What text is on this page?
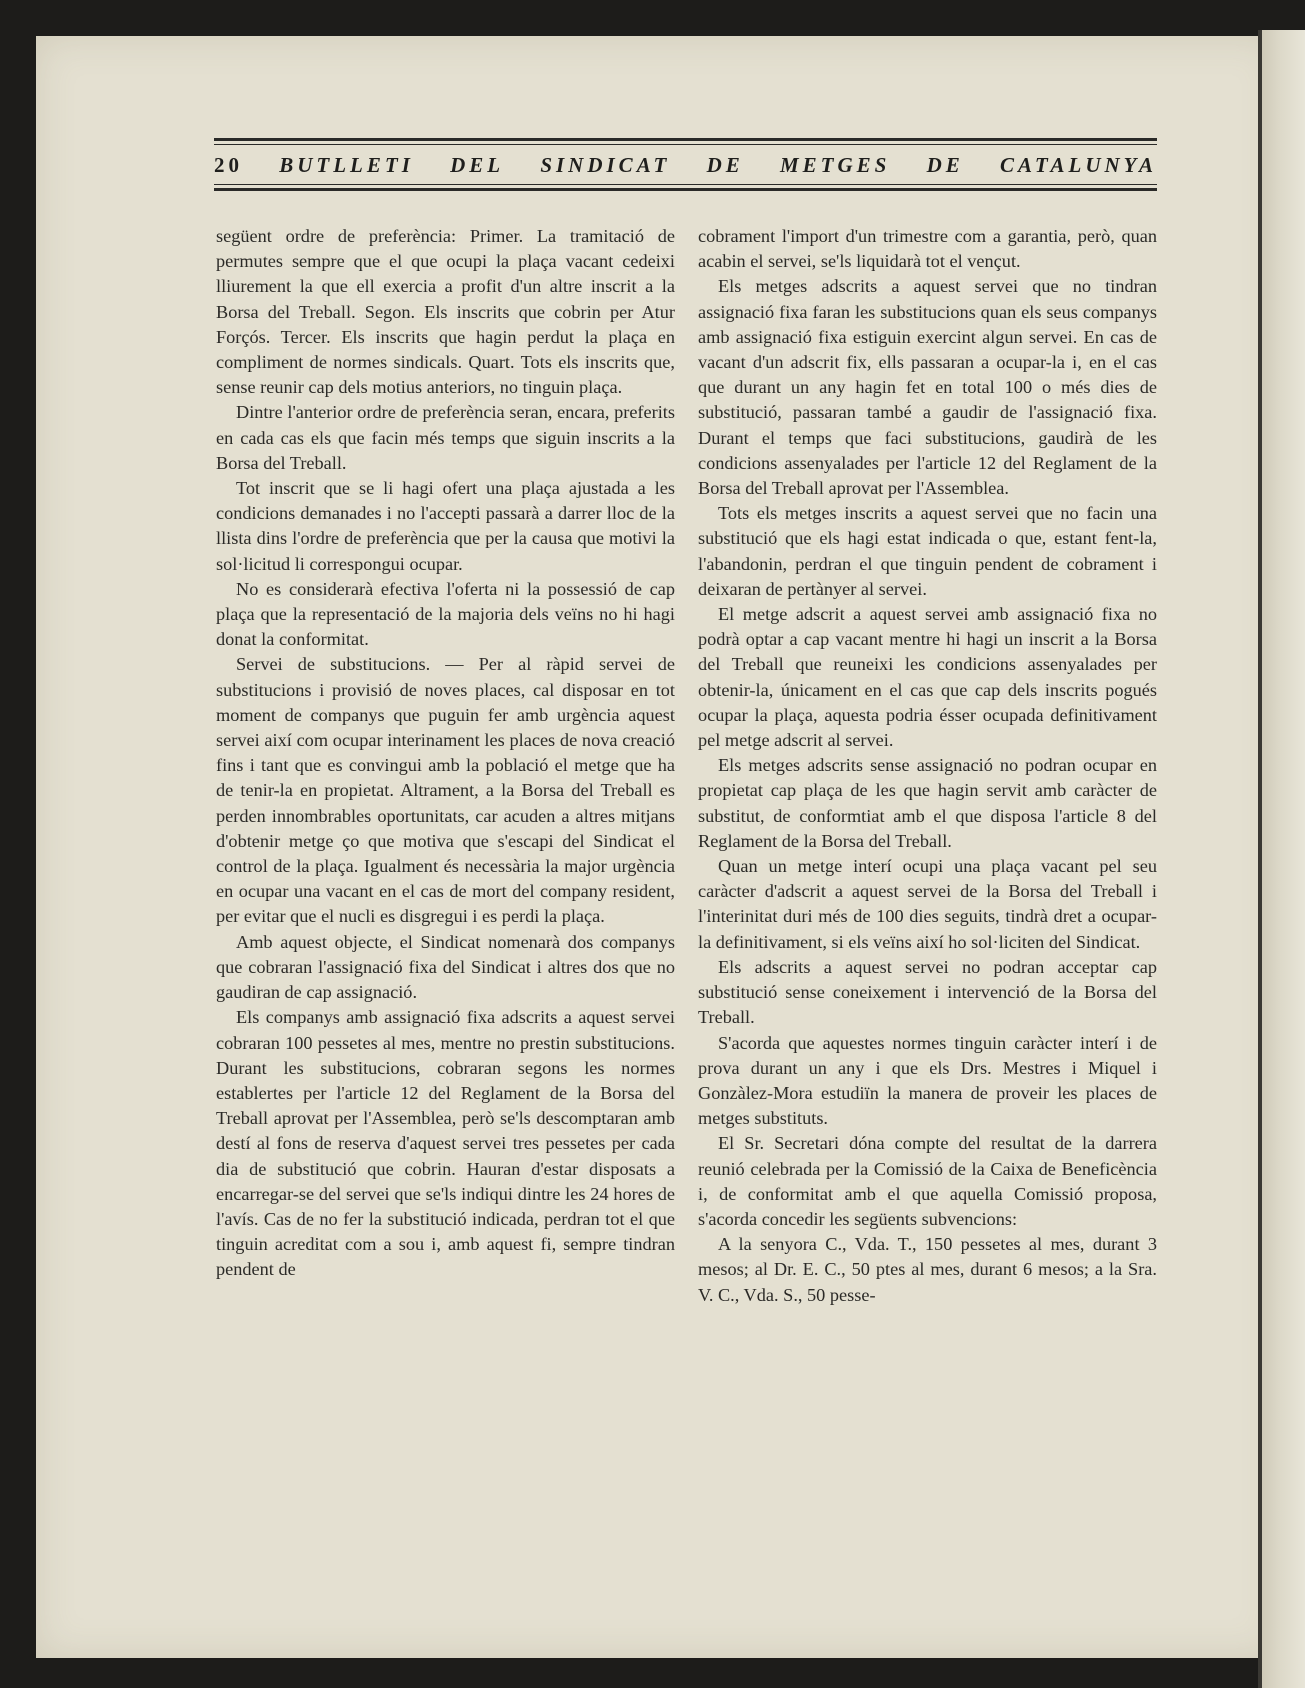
20 BUTLLETI DEL SINDICAT DE METGES DE CATALUNYA

següent ordre de preferència: Primer. La tramitació de permutes sempre que el que ocupi la plaça vacant cedeixi lliurement la que ell exercia a profit d'un altre inscrit a la Borsa del Treball. Segon. Els inscrits que cobrin per Atur Forçós. Tercer. Els inscrits que hagin perdut la plaça en compliment de normes sindicals. Quart. Tots els inscrits que, sense reunir cap dels motius anteriors, no tinguin plaça.

Dintre l'anterior ordre de preferència seran, encara, preferits en cada cas els que facin més temps que siguin inscrits a la Borsa del Treball.

Tot inscrit que se li hagi ofert una plaça ajustada a les condicions demanades i no l'accepti passarà a darrer lloc de la llista dins l'ordre de preferència que per la causa que motivi la sol·licitud li correspongui ocupar.

No es considerarà efectiva l'oferta ni la possessió de cap plaça que la representació de la majoria dels veïns no hi hagi donat la conformitat.

Servei de substitucions. — Per al ràpid servei de substitucions i provisió de noves places, cal disposar en tot moment de companys que puguin fer amb urgència aquest servei així com ocupar interinament les places de nova creació fins i tant que es convingui amb la població el metge que ha de tenir-la en propietat. Altrament, a la Borsa del Treball es perden innombrables oportunitats, car acuden a altres mitjans d'obtenir metge ço que motiva que s'escapi del Sindicat el control de la plaça. Igualment és necessària la major urgència en ocupar una vacant en el cas de mort del company resident, per evitar que el nucli es disgregui i es perdi la plaça.

Amb aquest objecte, el Sindicat nomenarà dos companys que cobraran l'assignació fixa del Sindicat i altres dos que no gaudiran de cap assignació.

Els companys amb assignació fixa adscrits a aquest servei cobraran 100 pessetes al mes, mentre no prestin substitucions. Durant les substitucions, cobraran segons les normes establertes per l'article 12 del Reglament de la Borsa del Treball aprovat per l'Assemblea, però se'ls descomptaran amb destí al fons de reserva d'aquest servei tres pessetes per cada dia de substitució que cobrin. Hauran d'estar disposats a encarregar-se del servei que se'ls indiqui dintre les 24 hores de l'avís. Cas de no fer la substitució indicada, perdran tot el que tinguin acreditat com a sou i, amb aquest fi, sempre tindran pendent de

cobrament l'import d'un trimestre com a garantia, però, quan acabin el servei, se'ls liquidarà tot el vençut.

Els metges adscrits a aquest servei que no tindran assignació fixa faran les substitucions quan els seus companys amb assignació fixa estiguin exercint algun servei. En cas de vacant d'un adscrit fix, ells passaran a ocupar-la i, en el cas que durant un any hagin fet en total 100 o més dies de substitució, passaran també a gaudir de l'assignació fixa. Durant el temps que faci substitucions, gaudirà de les condicions assenyalades per l'article 12 del Reglament de la Borsa del Treball aprovat per l'Assemblea.

Tots els metges inscrits a aquest servei que no facin una substitució que els hagi estat indicada o que, estant fent-la, l'abandonin, perdran el que tinguin pendent de cobrament i deixaran de pertànyer al servei.

El metge adscrit a aquest servei amb assignació fixa no podrà optar a cap vacant mentre hi hagi un inscrit a la Borsa del Treball que reuneixi les condicions assenyalades per obtenir-la, únicament en el cas que cap dels inscrits pogués ocupar la plaça, aquesta podria ésser ocupada definitivament pel metge adscrit al servei.

Els metges adscrits sense assignació no podran ocupar en propietat cap plaça de les que hagin servit amb caràcter de substitut, de conformtiat amb el que disposa l'article 8 del Reglament de la Borsa del Treball.

Quan un metge interí ocupi una plaça vacant pel seu caràcter d'adscrit a aquest servei de la Borsa del Treball i l'interinitat duri més de 100 dies seguits, tindrà dret a ocupar-la definitivament, si els veïns així ho sol·liciten del Sindicat.

Els adscrits a aquest servei no podran acceptar cap substitució sense coneixement i intervenció de la Borsa del Treball.

S'acorda que aquestes normes tinguin caràcter interí i de prova durant un any i que els Drs. Mestres i Miquel i Gonzàlez-Mora estudiïn la manera de proveir les places de metges substituts.

El Sr. Secretari dóna compte del resultat de la darrera reunió celebrada per la Comissió de la Caixa de Beneficència i, de conformitat amb el que aquella Comissió proposa, s'acorda concedir les següents subvencions:

A la senyora C., Vda. T., 150 pessetes al mes, durant 3 mesos; al Dr. E. C., 50 ptes al mes, durant 6 mesos; a la Sra. V. C., Vda. S., 50 pesse-
